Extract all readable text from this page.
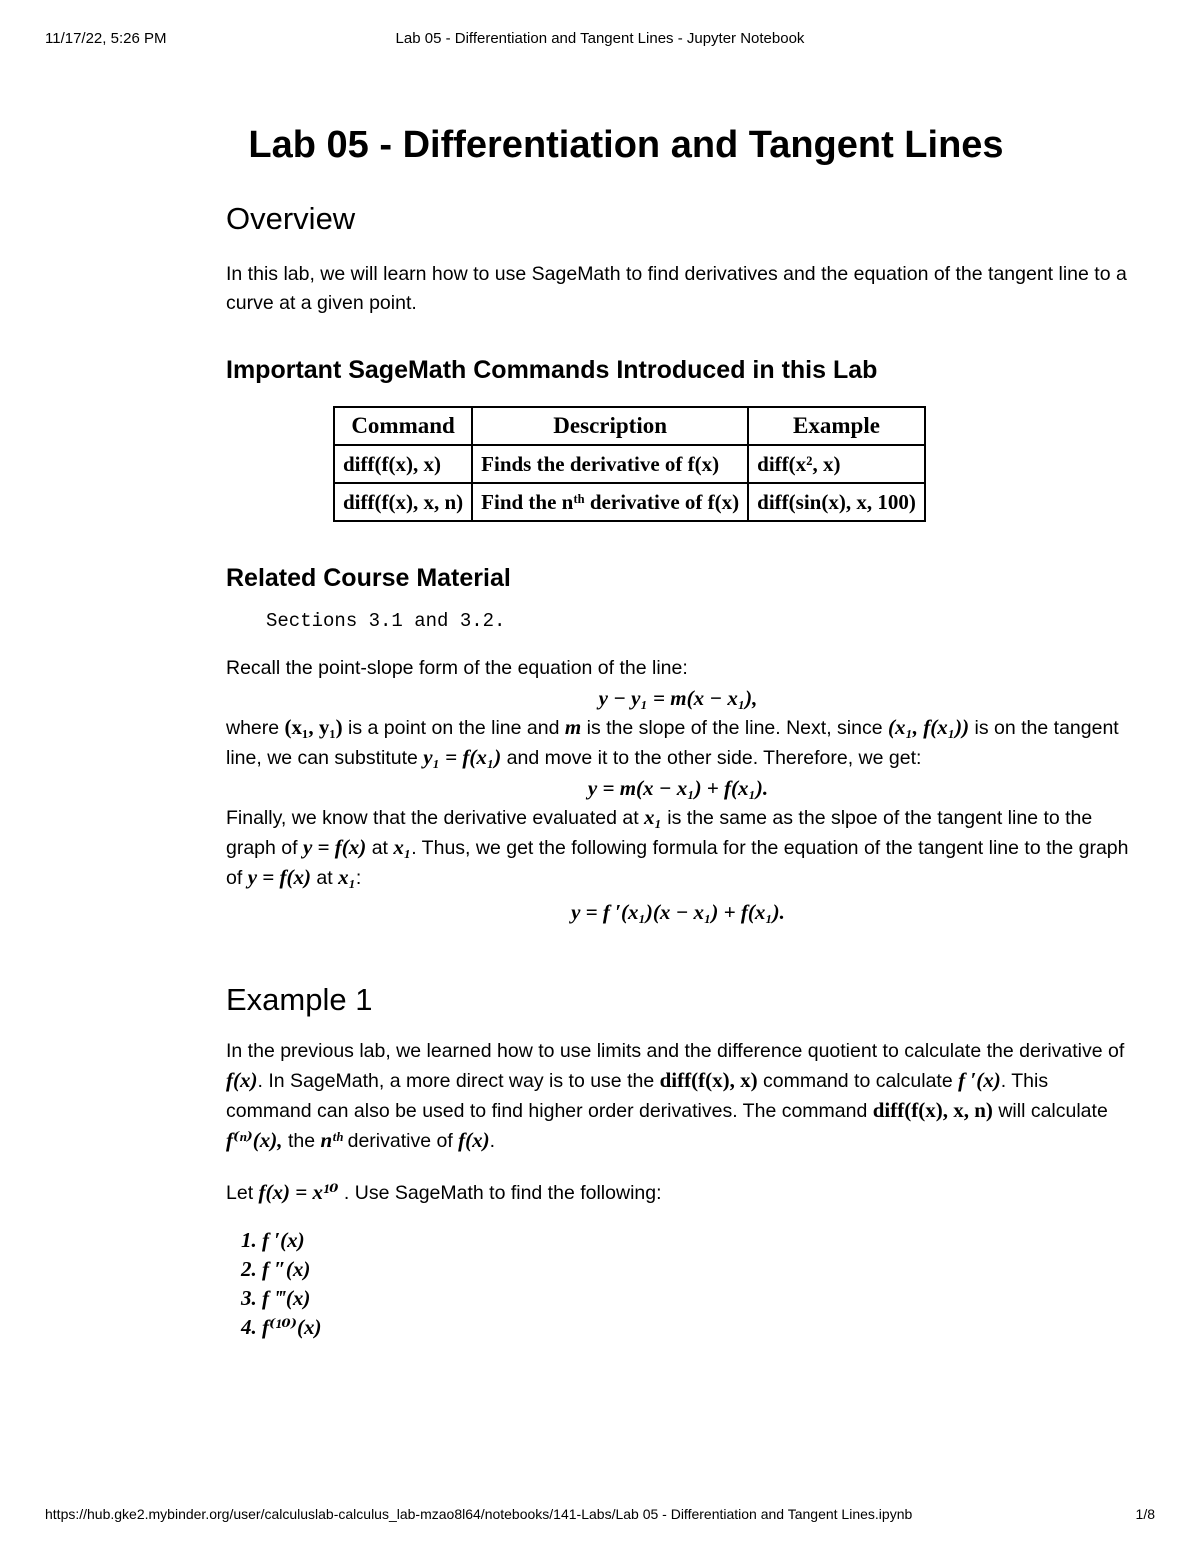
11/17/22, 5:26 PM	Lab 05 - Differentiation and Tangent Lines - Jupyter Notebook
Lab 05 - Differentiation and Tangent Lines
Overview

In this lab, we will learn how to use SageMath to find derivatives and the equation of the tangent line to a curve at a given point.

Important SageMath Commands Introduced in this Lab
Command	Description	Example
diff(f(x), x)	Finds the derivative of f(x)	diff(x², x)
diff(f(x), x, n)	Find the nᵗʰ derivative of f(x)	diff(sin(x), x, 100)
Related Course Material
Sections 3.1 and 3.2.

Recall the point-slope form of the equation of the line:

y − y₁ = m(x − x₁),

where (x₁, y₁) is a point on the line and m is the slope of the line. Next, since (x₁, f(x₁)) is on the tangent line, we can substitute y₁ = f(x₁) and move it to the other side. Therefore, we get:

y = m(x − x₁) + f(x₁).

Finally, we know that the derivative evaluated at x₁ is the same as the slpoe of the tangent line to the graph of y = f(x) at x₁. Thus, we get the following formula for the equation of the tangent line to the graph of y = f(x) at x₁:

y = f ′(x₁)(x − x₁) + f(x₁).
Example 1

In the previous lab, we learned how to use limits and the difference quotient to calculate the derivative of f(x). In SageMath, a more direct way is to use the diff(f(x), x) command to calculate f ′(x). This command can also be used to find higher order derivatives. The command diff(f(x), x, n) will calculate f⁽ⁿ⁾(x), the nᵗʰ derivative of f(x).

Let f(x) = x¹⁰ . Use SageMath to find the following:

1. f ′(x)
2. f ″(x)
3. f ‴(x)
4. f⁽¹⁰⁾(x)
https://hub.gke2.mybinder.org/user/calculuslab-calculus_lab-mzao8l64/notebooks/141-Labs/Lab 05 - Differentiation and Tangent Lines.ipynb	1/8
